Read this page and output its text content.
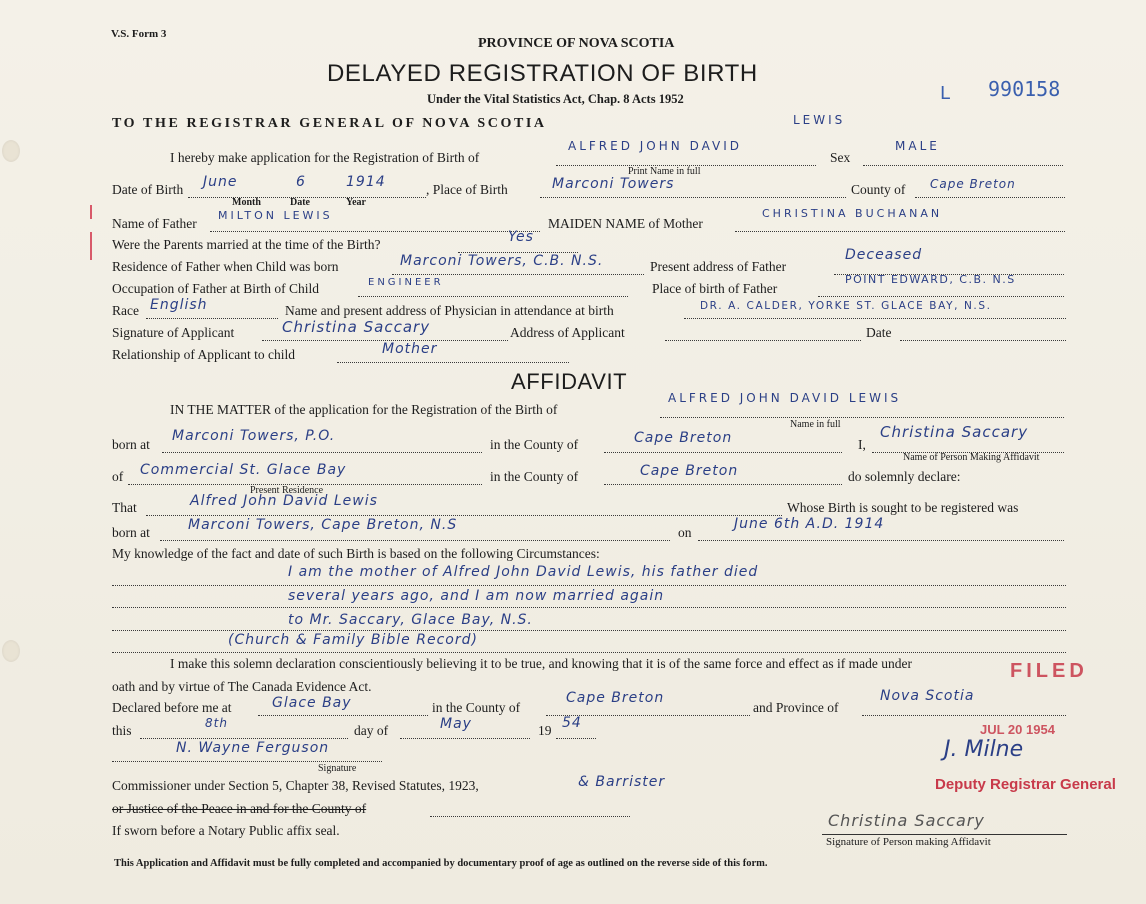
V.S. Form 3
PROVINCE OF NOVA SCOTIA
DELAYED REGISTRATION OF BIRTH
Under the Vital Statistics Act, Chap. 8 Acts 1952
TO THE REGISTRAR GENERAL OF NOVA SCOTIA
L 990158
LEWIS
I hereby make application for the Registration of Birth of
ALFRED JOHN DAVID
Sex
MALE
Print Name in full
Date of Birth June	6	1914	, Place of Birth	Marconi Towers	County of Cape Breton
Month	Date	Year
Name of Father
MILTON LEWIS
MAIDEN NAME of Mother
CHRISTINA BUCHANAN
Were the Parents married at the time of the Birth?	Yes
Residence of Father when Child was born	Marconi Towers, C.B. N.S.	Present address of Father
Deceased
Occupation of Father at Birth of Child	ENGINEER	Place of birth of Father
POINT EDWARD, C.B. N.S
Race English	Name and present address of Physician in attendance at birth	DR. A. CALDER, YORKE ST. GLACE BAY, N.S.
Signature of Applicant	Christina Saccary	Address of Applicant	Date
Relationship of Applicant to child	Mother
AFFIDAVIT
IN THE MATTER of the application for the Registration of the Birth of
ALFRED JOHN DAVID LEWIS
Name in full
born at
Marconi Towers, P.O.
in the County of	Cape Breton	I,
Christina Saccary
Name of Person Making Affidavit
of Commercial St. Glace Bay	in the County of	Cape Breton	do solemnly declare:
Present Residence
That	Alfred John David Lewis	Whose Birth is sought to be registered was
born at	Marconi Towers, Cape Breton, N.S	on
June 6th A.D. 1914
My knowledge of the fact and date of such Birth is based on the following Circumstances:
I am the mother of Alfred John David Lewis, his father died
several years ago, and I am now married again
to Mr. Saccary, Glace Bay, N.S.
(Church & Family Bible Record)
I make this solemn declaration conscientiously believing it to be true, and knowing that it is of the same force and effect as if made under
oath and by virtue of The Canada Evidence Act.
Declared before me at	Glace Bay	in the County of
Cape Breton
and Province of
Nova Scotia
this	8th	day of	May	19 54
N. Wayne Ferguson
Signature
Commissioner under Section 5, Chapter 38, Revised Statutes, 1923,	& Barrister
or Justice of the Peace in and for the County of
If sworn before a Notary Public affix seal.
Christina Saccary
Signature of Person making Affidavit
FILED
JUL 20 1954
J. Milne
Deputy Registrar General
This Application and Affidavit must be fully completed and accompanied by documentary proof of age as outlined on the reverse side of this form.
